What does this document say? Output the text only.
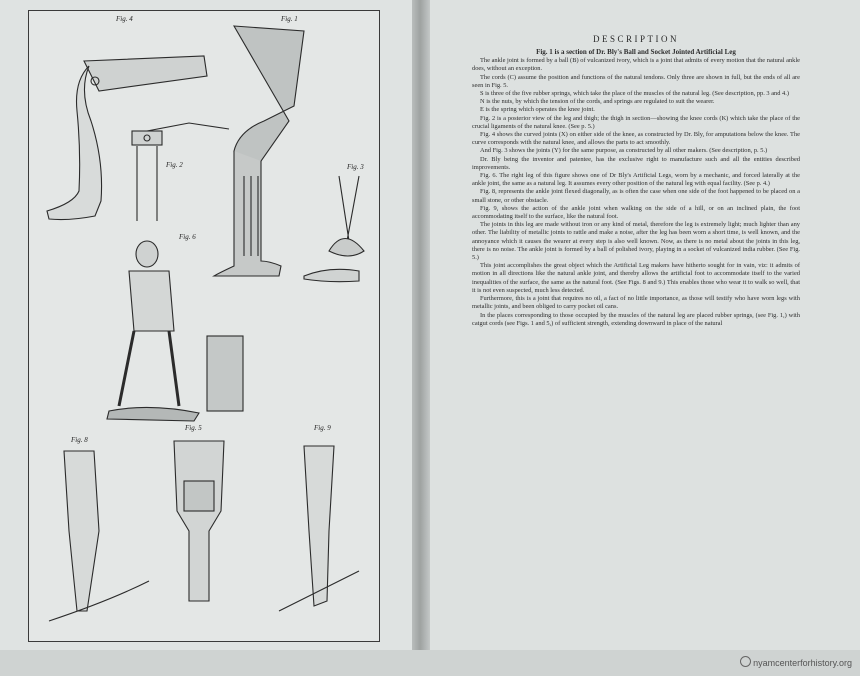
Fig. 4	Fig. 1
Fig. 2	Fig. 3
Fig. 6
Fig. 8
Fig. 5	Fig. 9
DESCRIPTION

Fig. 1 is a section of Dr. Bly's Ball and Socket Jointed Artificial Leg

The ankle joint is formed by a ball (B) of vulcanized ivory, which is a joint that admits of every motion that the natural ankle does, without an exception.

The cords (C) assume the position and functions of the natural tendons. Only three are shown in full, but the ends of all are seen in Fig. 5.

S is three of the five rubber springs, which take the place of the muscles of the natural leg. (See description, pp. 3 and 4.)

N is the nuts, by which the tension of the cords, and springs are regulated to suit the wearer.

E is the spring which operates the knee joint.

Fig. 2 is a posterior view of the leg and thigh; the thigh in section—showing the knee cords (K) which take the place of the crucial ligaments of the natural knee. (See p. 5.)

Fig. 4 shows the curved joints (X) on either side of the knee, as constructed by Dr. Bly, for amputations below the knee. The curve corresponds with the natural knee, and allows the parts to act smoothly.

And Fig. 3 shows the joints (Y) for the same purpose, as constructed by all other makers. (See description, p. 5.)

Dr. Bly being the inventor and patentee, has the exclusive right to manufacture such and all the entities described improvements.

Fig. 6. The right leg of this figure shows one of Dr Bly's Artificial Legs, worn by a mechanic, and forced laterally at the ankle joint, the same as a natural leg. It assumes every other position of the natural leg with equal facility. (See p. 4.)

Fig. 8, represents the ankle joint flexed diagonally, as is often the case when one side of the foot happened to be placed on a small stone, or other obstacle.

Fig. 9, shows the action of the ankle joint when walking on the side of a hill, or on an inclined plain, the foot accommodating itself to the surface, like the natural foot.

The joints in this leg are made without iron or any kind of metal, therefore the leg is extremely light; much lighter than any other. The liability of metallic joints to rattle and make a noise, after the leg has been worn a short time, is well known, and the annoyance which it causes the wearer at every step is also well known. Now, as there is no metal about the joints in this leg, there is no noise. The ankle joint is formed by a ball of polished ivory, playing in a socket of vulcanized india rubber. (See Fig. 5.)

This joint accomplishes the great object which the Artificial Leg makers have hitherto sought for in vain, viz: it admits of motion in all directions like the natural ankle joint, and thereby allows the artificial foot to accommodate itself to the varied inequalities of the surface, the same as the natural foot. (See Figs. 8 and 9.) This enables those who wear it to walk so well, that it is not even suspected, much less detected.

Furthermore, this is a joint that requires no oil, a fact of no little importance, as those will testify who have worn legs with metallic joints, and been obliged to carry pocket oil cans.

In the places corresponding to those occupied by the muscles of the natural leg are placed rubber springs, (see Fig. 1,) with catgut cords (see Figs. 1 and 5,) of sufficient strength, extending downward in place of the natural

nyamcenterforhistory.org
